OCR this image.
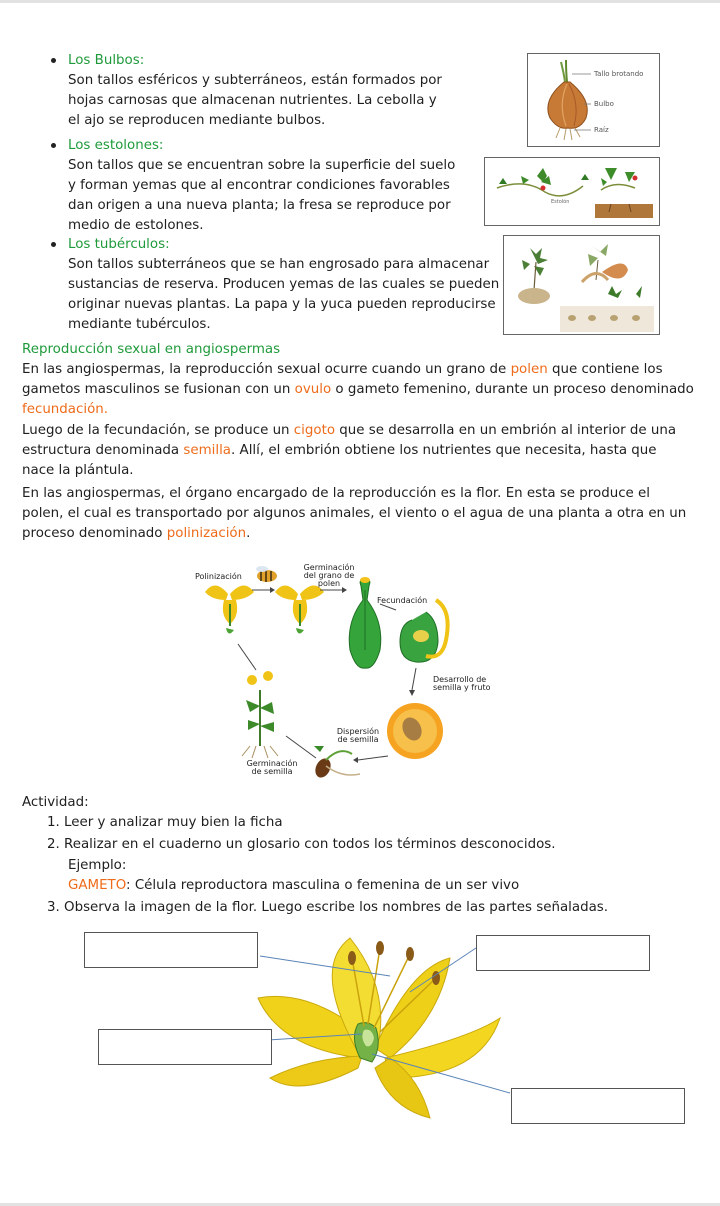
Los Bulbos:

Son tallos esféricos y subterráneos, están formados por

hojas carnosas que almacenan nutrientes. La cebolla y

el ajo se reproducen mediante bulbos.

Tallo brotando
Bulbo
Raíz

Los estolones:

Son tallos que se encuentran sobre la superficie del suelo

y forman yemas que al encontrar condiciones favorables

dan origen a una nueva planta; la fresa se reproduce por

medio de estolones.

Estolón

Los tubérculos:

Son tallos subterráneos que se han engrosado para almacenar

sustancias de reserva. Producen yemas de las cuales se pueden

originar nuevas plantas. La papa y la yuca pueden reproducirse

mediante tubérculos.

Reproducción sexual en angiospermas

En las angiospermas, la reproducción sexual ocurre cuando un grano de polen que contiene los

gametos masculinos se fusionan con un ovulo o gameto femenino, durante un proceso denominado

fecundación.

Luego de la fecundación, se produce un cigoto que se desarrolla en un embrión al interior de una

estructura denominada semilla. Allí, el embrión obtiene los nutrientes que necesita, hasta que

nace la plántula.

En las angiospermas, el órgano encargado de la reproducción es la flor. En esta se produce el

polen, el cual es transportado por algunos animales, el viento o el agua de una planta a otra en un

proceso denominado polinización.

Polinización
Germinación
del grano de
polen
Fecundación
Desarrollo de
semilla y fruto
Dispersión
de semilla
Germinación
de semilla

Actividad:

1. Leer y analizar muy bien la ficha

2. Realizar en el cuaderno un glosario con todos los términos desconocidos.

Ejemplo:

GAMETO: Célula reproductora masculina o femenina de un ser vivo

3. Observa la imagen de la flor. Luego escribe los nombres de las partes señaladas.
